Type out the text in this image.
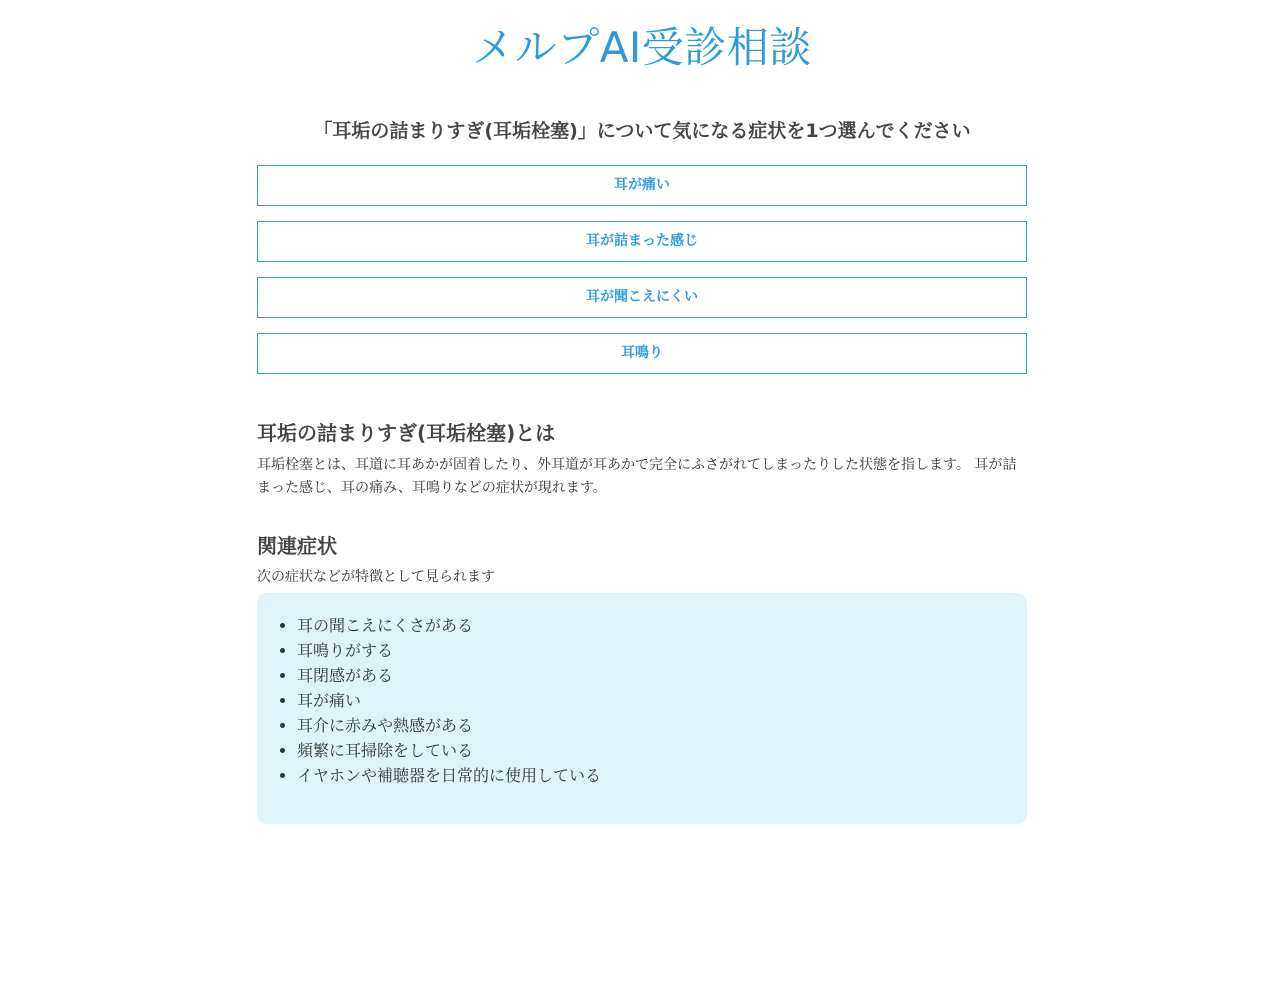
メルプAI受診相談
「耳垢の詰まりすぎ(耳垢栓塞)」について気になる症状を1つ選んでください
耳が痛い
耳が詰まった感じ
耳が聞こえにくい
耳鳴り
耳垢の詰まりすぎ(耳垢栓塞)とは

耳垢栓塞とは、耳道に耳あかが固着したり、外耳道が耳あかで完全にふさがれてしまったりした状態を指します。 耳が詰まった感じ、耳の痛み、耳鳴りなどの症状が現れます。

関連症状

次の症状などが特徴として見られます

• 耳の聞こえにくさがある
• 耳鳴りがする
• 耳閉感がある
• 耳が痛い
• 耳介に赤みや熱感がある
• 頻繁に耳掃除をしている
• イヤホンや補聴器を日常的に使用している
